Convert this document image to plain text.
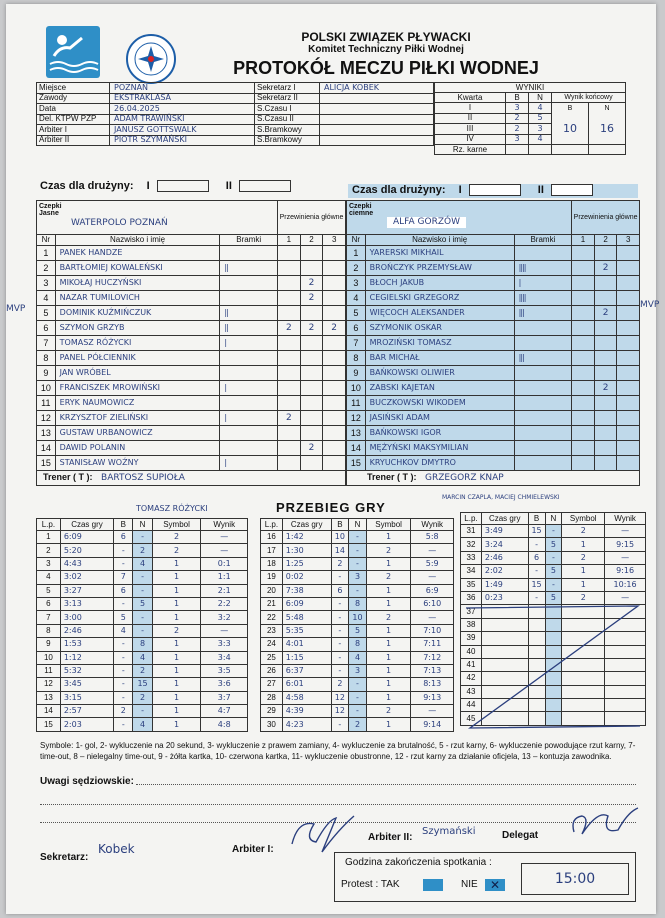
POLSKI ZWIĄZEK PŁYWACKI
Komitet Techniczny Piłki Wodnej
PROTOKÓŁ MECZU PIŁKI WODNEJ
Miejsce	POZNAŃ	Sekretarz I	ALICJA KOBEK
Zawody	EKSTRAKLASA	Sekretarz II	
Data	26.04.2025	S.Czasu I	
Del. KTPW PZP	ADAM TRAWIŃSKI	S.Czasu II	
Arbiter I	JANUSZ GOTTSWALK	S.Bramkowy	
Arbiter II	PIOTR SZYMAŃSKI	S.Bramkowy	
WYNIKI				
Kwarta	B	N	Wynik końcowy	
I	3	4	B	N
II	2	5	10	16
III	2	3		
IV	3	4		
Rz. karne				
Czas dla drużyny: I	II	Czas dla drużyny: I	II
Czepki Jasne
WATERPOLO POZNAŃ			Przewinienia główne		
Nr	Nazwisko i imię	Bramki	1	2	3
1	PANEK HANDZE				
2	BARTŁOMIEJ KOWALEŃSKI	||			
3	MIKOŁAJ HUCZYŃSKI			2	
4	NAZAR TUMILOVICH			2	
5	DOMINIK KUŹMIŃCZUK	||			
6	SZYMON GRZYB	||	2	2	2
7	TOMASZ RÓŻYCKI	|			
8	PANEL PÓŁCIENNIK				
9	JAN WRÓBEL				
10	FRANCISZEK MROWIŃSKI	|			
11	ERYK NAUMOWICZ				
12	KRZYSZTOF ZIELIŃSKI	|	2		
13	GUSTAW URBANOWICZ				
14	DAWID POLANIN			2	
15	STANISŁAW WOŹNY	|			
Trener ( T ): BARTOSZ SUPIOŁA					
Czepki ciemne
ALFA GORZÓW			Przewinienia główne		
Nr	Nazwisko i imię	Bramki	1	2	3
1	YARERSKI MIKHAIL				
2	BROŃCZYK PRZEMYSŁAW	||||		2	
3	BŁOCH JAKUB	|			
4	CEGIELSKI GRZEGORZ	||||			
5	WIĘCOCH ALEKSANDER	|||		2	
6	SZYMONIK OSKAR				
7	MROZIŃSKI TOMASZ				
8	BAR MICHAŁ	|||			
9	BAŃKOWSKI OLIWIER				
10	ZABSKI KAJETAN			2	
11	BUCZKOWSKI WIKODEM				
12	JASIŃSKI ADAM				
13	BAŃKOWSKI IGOR				
14	MĘŻYŃSKI MAKSYMILIAN				
15	KRYUCHKOV DMYTRO				
Trener ( T ): GRZEGORZ KNAP					
MVP	MVP
TOMASZ RÓŻYCKI
MARCIN CZAPLA, MACIEJ CHMIELEWSKI
PRZEBIEG GRY
L.p.	Czas gry	B	N	Symbol	Wynik
1	6:09	6	-	2	—
2	5:20	-	2	2	—
3	4:43	-	4	1	0:1
4	3:02	7	-	1	1:1
5	3:27	6	-	1	2:1
6	3:13	-	5	1	2:2
7	3:00	5	-	1	3:2
8	2:46	4	-	2	—
9	1:53	-	8	1	3:3
10	1:12	-	4	1	3:4
11	5:32	-	2	1	3:5
12	3:45	-	15	1	3:6
13	3:15	-	2	1	3:7
14	2:57	2	-	1	4:7
15	2:03	-	4	1	4:8
L.p.	Czas gry	B	N	Symbol	Wynik
16	1:42	10	-	1	5:8
17	1:30	14	-	2	—
18	1:25	2	-	1	5:9
19	0:02	-	3	2	—
20	7:38	6	-	1	6:9
21	6:09	-	8	1	6:10
22	5:48	-	10	2	—
23	5:35	-	5	1	7:10
24	4:01	-	8	1	7:11
25	1:15	-	4	1	7:12
26	6:37	-	3	1	7:13
27	6:01	2	-	1	8:13
28	4:58	12	-	1	9:13
29	4:39	12	-	2	—
30	4:23	-	2	1	9:14
L.p.	Czas gry	B	N	Symbol	Wynik
31	3:49	15	-	2	—
32	3:24	-	5	1	9:15
33	2:46	6	-	2	—
34	2:02	-	5	1	9:16
35	1:49	15	-	1	10:16
36	0:23	-	5	2	—
37					
38					
39					
40					
41					
42					
43					
44					
45					
Symbole: 1- gol, 2- wykluczenie na 20 sekund, 3- wykluczenie z prawem zamiany, 4- wykluczenie za brutalność, 5 - rzut karny, 6- wykluczenie powodujące rzut karny, 7- time-out, 8 – nielegalny time-out, 9 - żółta kartka, 10- czerwona kartka, 11- wykluczenie obustronne, 12 - rzut karny za działanie oficjela, 13 – kontuzja zawodnika.
Uwagi sędziowskie:
Sekretarz:
Kobek	Arbiter I:
Arbiter II:
Szymański	Delegat
Godzina zakończenia spotkania :
Protest : TAK	NIE	✕	15:00
